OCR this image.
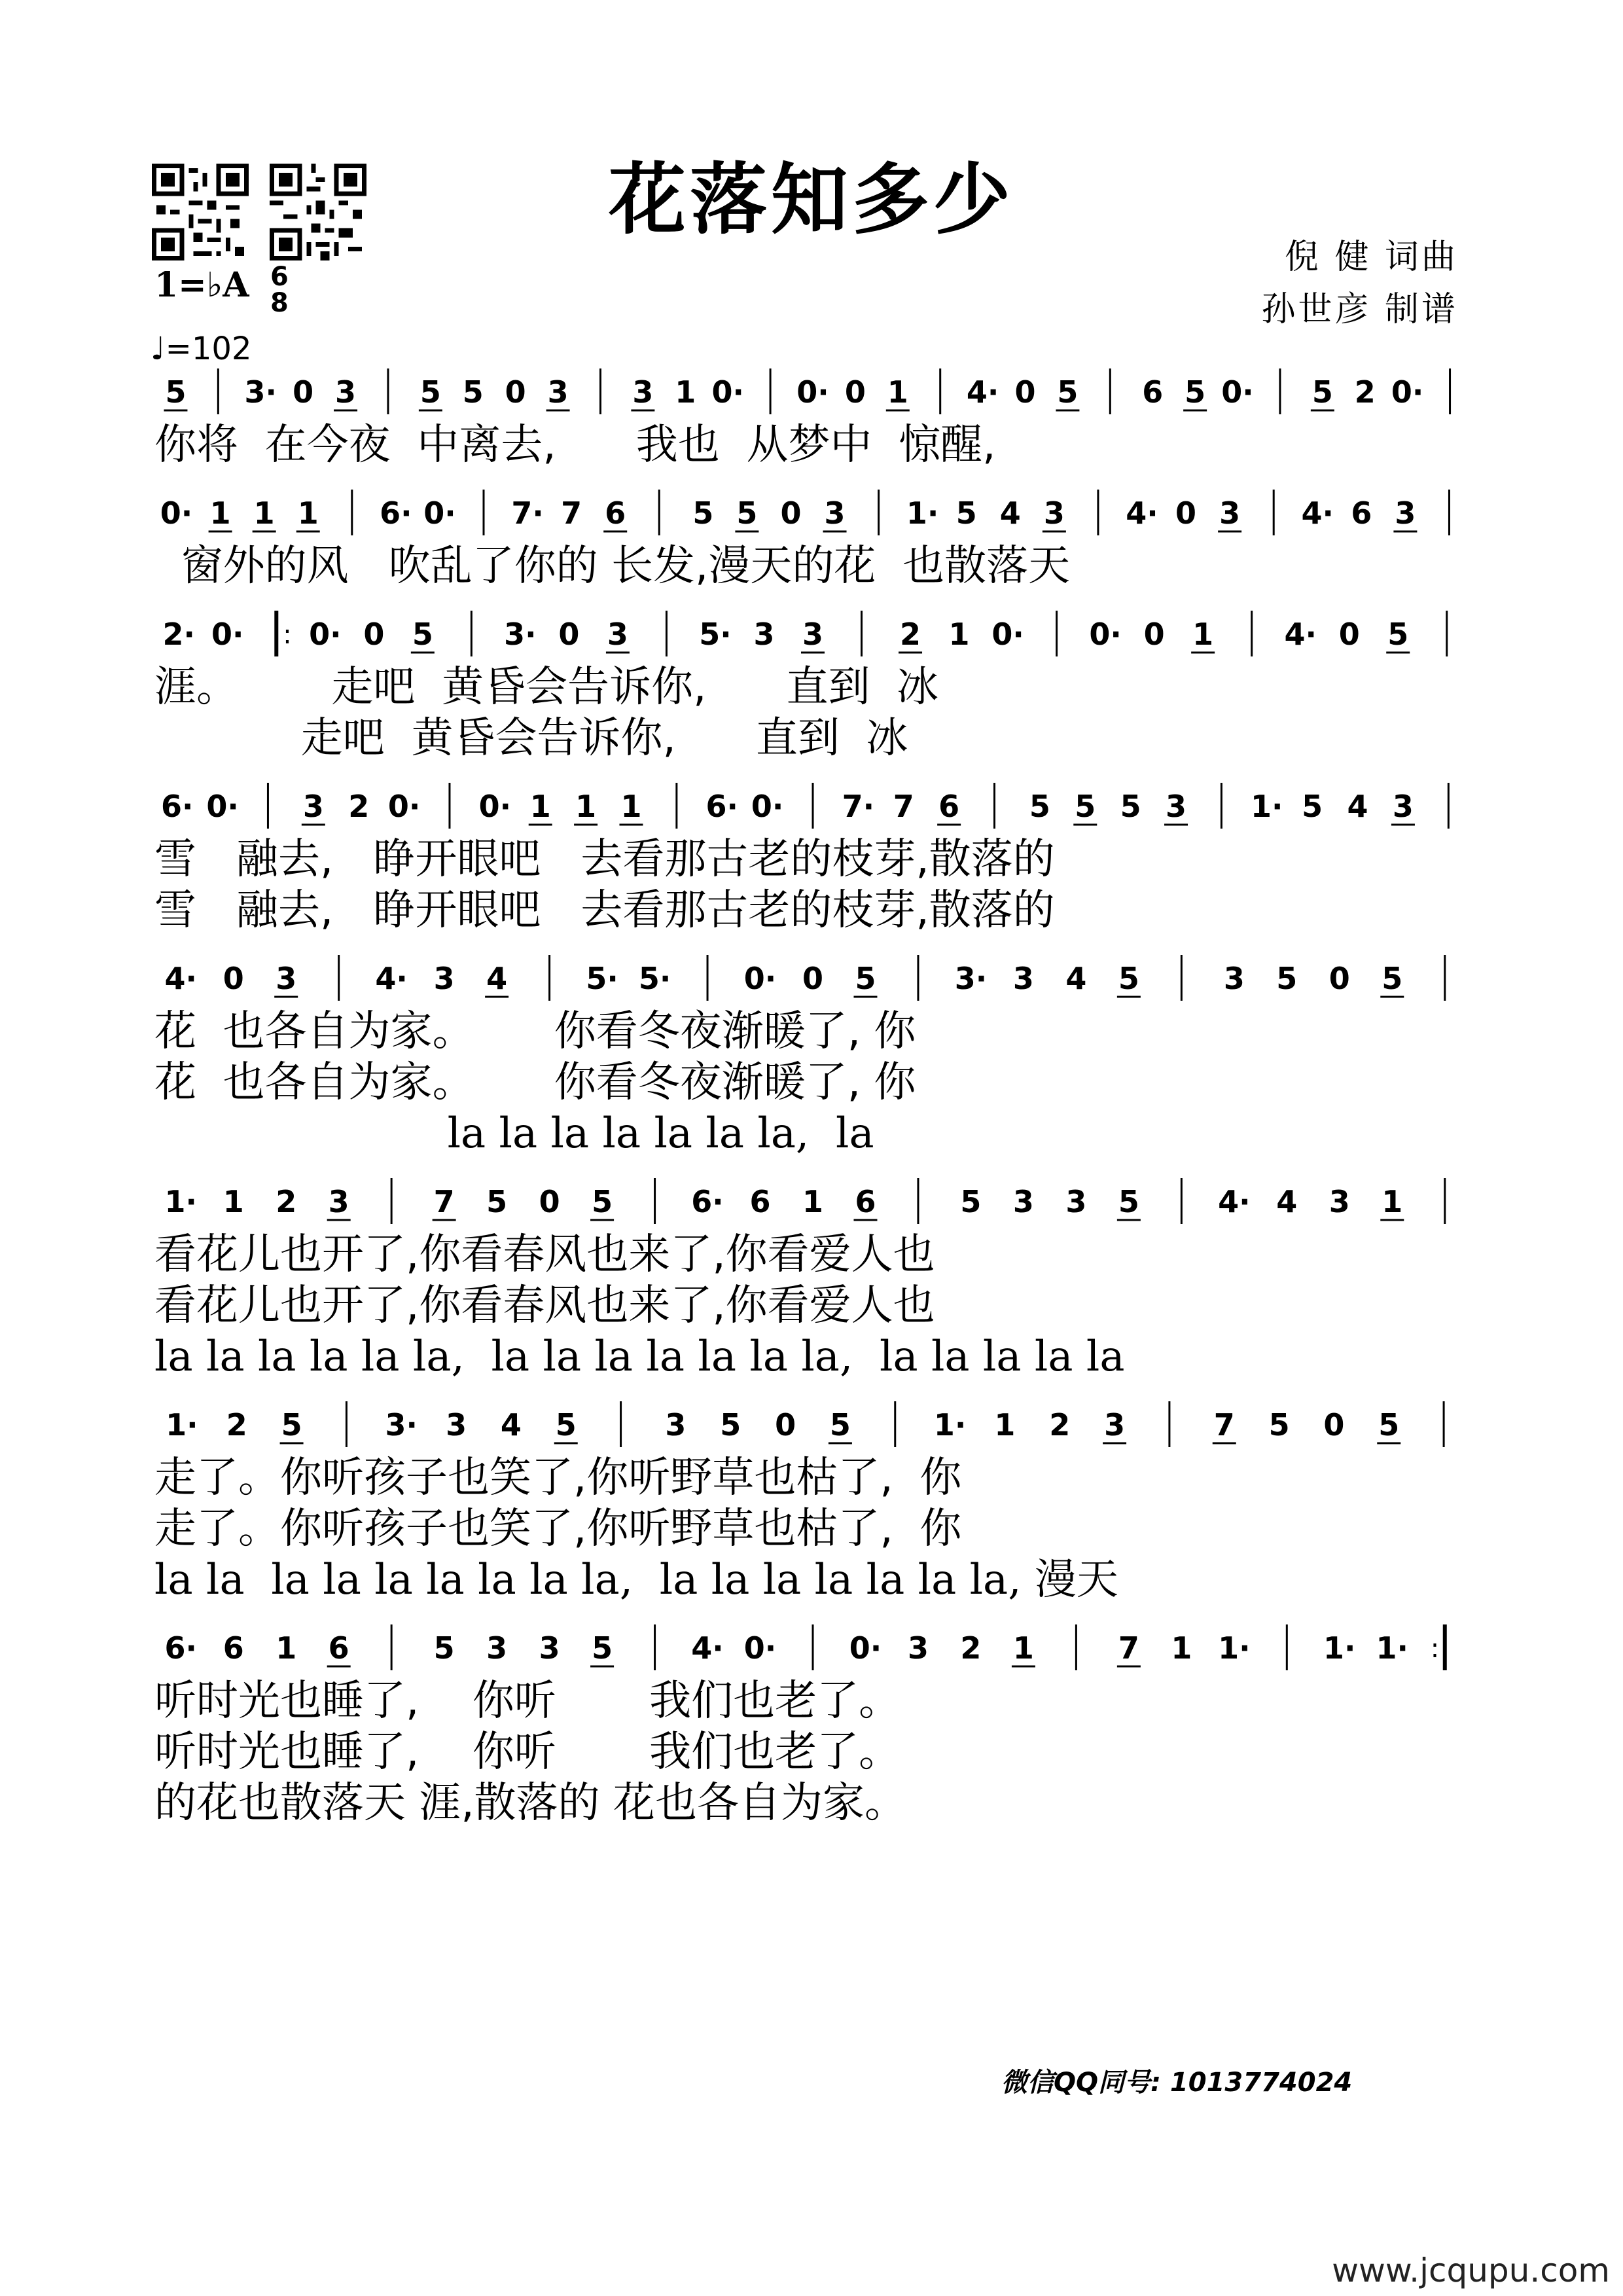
花落知多少
倪 健 词曲
孙世彦 制谱
1=♭A 6
8
♩=102
5 3· 0 3 5 5 0 3 3 1 0· 0· 0 1 4· 0 5 6 5 0· 5 2 0·
你将  在今夜  中离去,      我也  从梦中  惊醒,
0· 1 1 1 6· 0· 7· 7 6 5 5 0 3 1· 5 4 3 4· 0 3 4· 6 3
窗外的风   吹乱了你的 长发,漫天的花  也散落天
2· 0· : 0· 0 5 3· 0 3 5· 3 3	2 1 0· 0· 0 1 4· 0 5
涯。       走吧  黄昏会告诉你,      直到  冰
走吧  黄昏会告诉你,      直到  冰
6· 0· 3 2 0· 0· 1 1 1 6· 0· 7· 7 6 5 5 5 3 1· 5 4 3
雪   融去,   睁开眼吧   去看那古老的枝芽,散落的
雪   融去,   睁开眼吧   去看那古老的枝芽,散落的
4· 0 3	4· 3 4	5· 5· 0· 0 5	3· 3 4 5	3 5 0 5
花  也各自为家。      你看冬夜渐暖了, 你
花  也各自为家。      你看冬夜渐暖了, 你
la la la la la la la,  la
1· 1 2 3	7 5 0 5	6· 6 1 6	5 3 3 5	4· 4 3 1
看花儿也开了,你看春风也来了,你看爱人也
看花儿也开了,你看春风也来了,你看爱人也
la la la la la la,  la la la la la la la,  la la la la la
1· 2 5	3· 3 4 5	3 5 0 5	1· 1 2 3	7 5 0 5
走了。你听孩子也笑了,你听野草也枯了,  你
走了。你听孩子也笑了,你听野草也枯了,  你
la la  la la la la la la la,  la la la la la la la, 漫天
6· 6 1 6	5 3 3 5	4· 0· 0· 3 2 1	7 1 1· 1· 1· :
听时光也睡了,    你听       我们也老了。
听时光也睡了,    你听       我们也老了。
的花也散落天 涯,散落的 花也各自为家。
微信QQ同号: 1013774024
www.jcqupu.com
